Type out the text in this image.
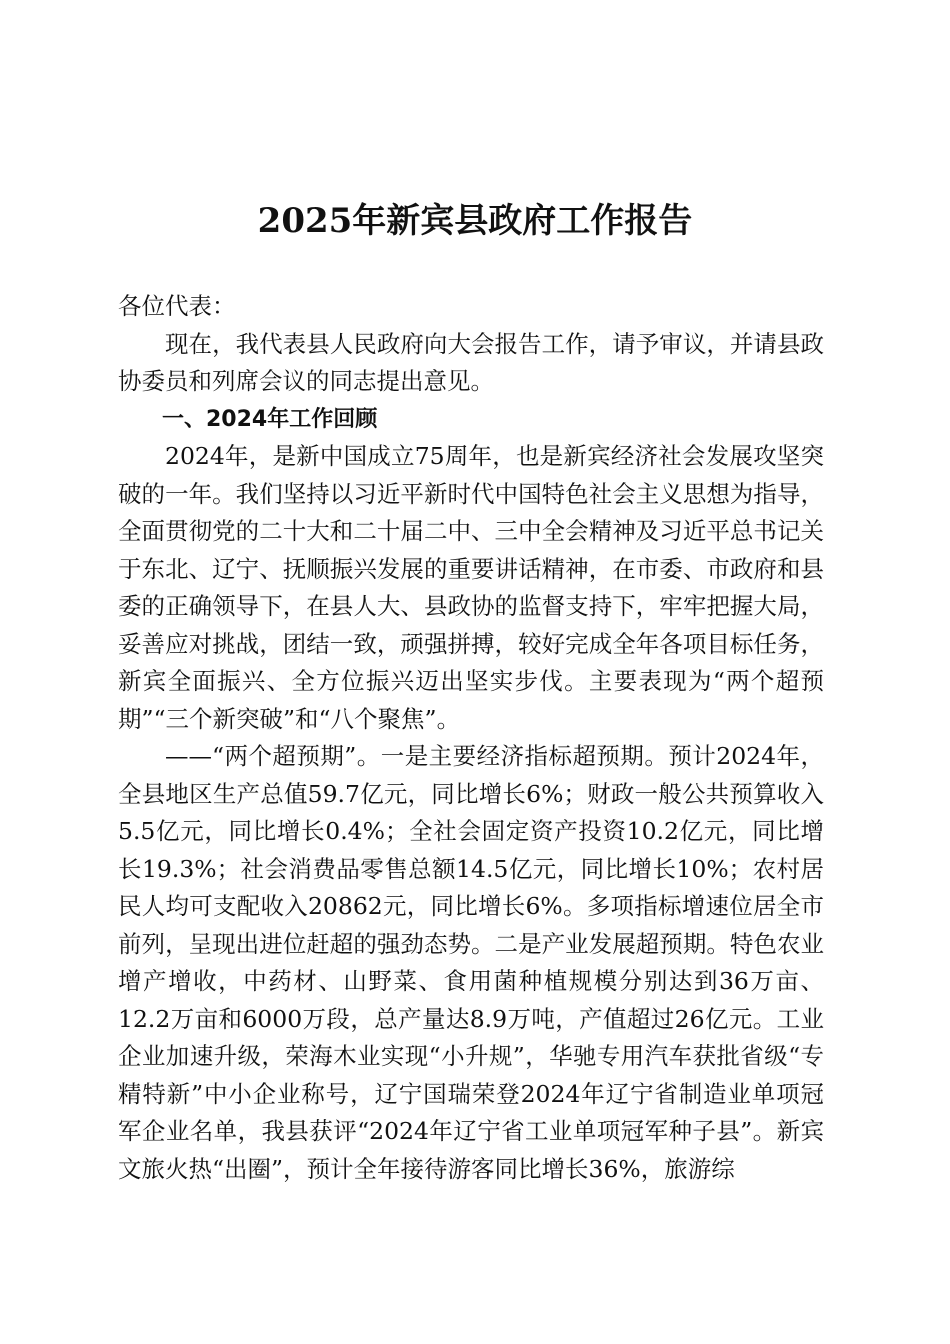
2025年新宾县政府工作报告

各位代表：

现在，我代表县人民政府向大会报告工作，请予审议，并请县政协委员和列席会议的同志提出意见。

一、2024年工作回顾

2024年，是新中国成立75周年，也是新宾经济社会发展攻坚突破的一年。我们坚持以习近平新时代中国特色社会主义思想为指导，全面贯彻党的二十大和二十届二中、三中全会精神及习近平总书记关于东北、辽宁、抚顺振兴发展的重要讲话精神，在市委、市政府和县委的正确领导下，在县人大、县政协的监督支持下，牢牢把握大局，妥善应对挑战，团结一致，顽强拼搏，较好完成全年各项目标任务，新宾全面振兴、全方位振兴迈出坚实步伐。主要表现为“两个超预期”“三个新突破”和“八个聚焦”。

——“两个超预期”。一是主要经济指标超预期。预计2024年，全县地区生产总值59.7亿元，同比增长6%；财政一般公共预算收入5.5亿元，同比增长0.4%；全社会固定资产投资10.2亿元，同比增长19.3%；社会消费品零售总额14.5亿元，同比增长10%；农村居民人均可支配收入20862元，同比增长6%。多项指标增速位居全市前列，呈现出进位赶超的强劲态势。二是产业发展超预期。特色农业增产增收，中药材、山野菜、食用菌种植规模分别达到36万亩、12.2万亩和6000万段，总产量达8.9万吨，产值超过26亿元。工业企业加速升级，荣海木业实现“小升规”，华驰专用汽车获批省级“专精特新”中小企业称号，辽宁国瑞荣登2024年辽宁省制造业单项冠军企业名单，我县获评“2024年辽宁省工业单项冠军种子县”。新宾文旅火热“出圈”，预计全年接待游客同比增长36%，旅游综
